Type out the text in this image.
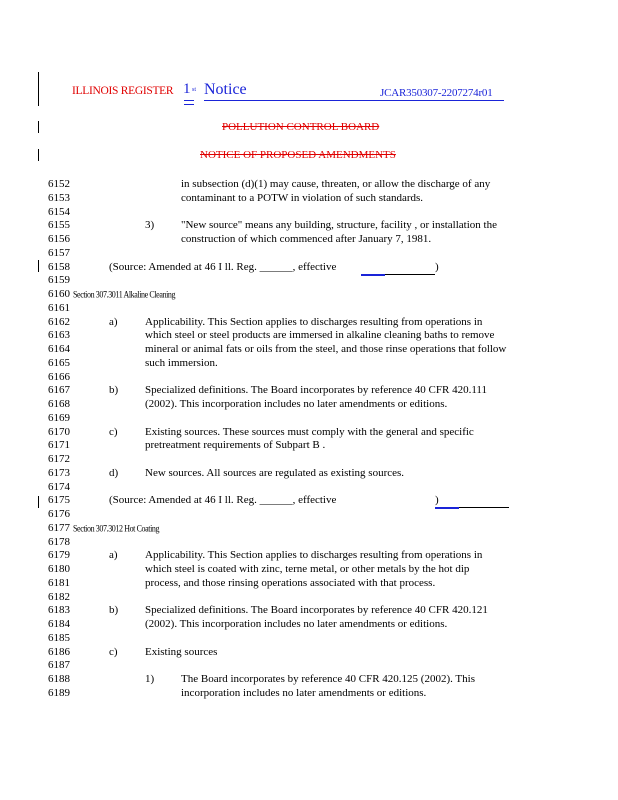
ILLINOIS REGISTER 1 st Notice	JCAR350307-2207274r01
POLLUTION CONTROL BOARD
NOTICE OF PROPOSED AMENDMENTS
6152	in subsection (d)(1) may cause, threaten, or allow the discharge of any
6153	contaminant to a POTW in violation of such standards.
6154
6155	3) "New source" means any building, structure, facility , or installation the
6156	construction of which commenced after January 7, 1981.
6157
6158	(Source: Amended at 46 I ll. Reg. ______, effective	)
6159
6160 Section 307.3011 Alkaline Cleaning
6161
6162	a) Applicability. This Section applies to discharges resulting from operations in
6163	which steel or steel products are immersed in alkaline cleaning baths to remove
6164	mineral or animal fats or oils from the steel, and those rinse operations that follow
6165	such immersion.
6166
6167	b) Specialized definitions. The Board incorporates by reference 40 CFR 420.111
6168	(2002). This incorporation includes no later amendments or editions.
6169
6170	c) Existing sources. These sources must comply with the general and specific
6171	pretreatment requirements of Subpart B .
6172
6173	d) New sources. All sources are regulated as existing sources.
6174
6175	(Source: Amended at 46 I ll. Reg. ______, effective	)
6176
6177 Section 307.3012 Hot Coating
6178
6179	a) Applicability. This Section applies to discharges resulting from operations in
6180	which steel is coated with zinc, terne metal, or other metals by the hot dip
6181	process, and those rinsing operations associated with that process.
6182
6183	b) Specialized definitions. The Board incorporates by reference 40 CFR 420.121
6184	(2002). This incorporation includes no later amendments or editions.
6185
6186	c) Existing sources
6187
6188	1) The Board incorporates by reference 40 CFR 420.125 (2002). This
6189	incorporation includes no later amendments or editions.
